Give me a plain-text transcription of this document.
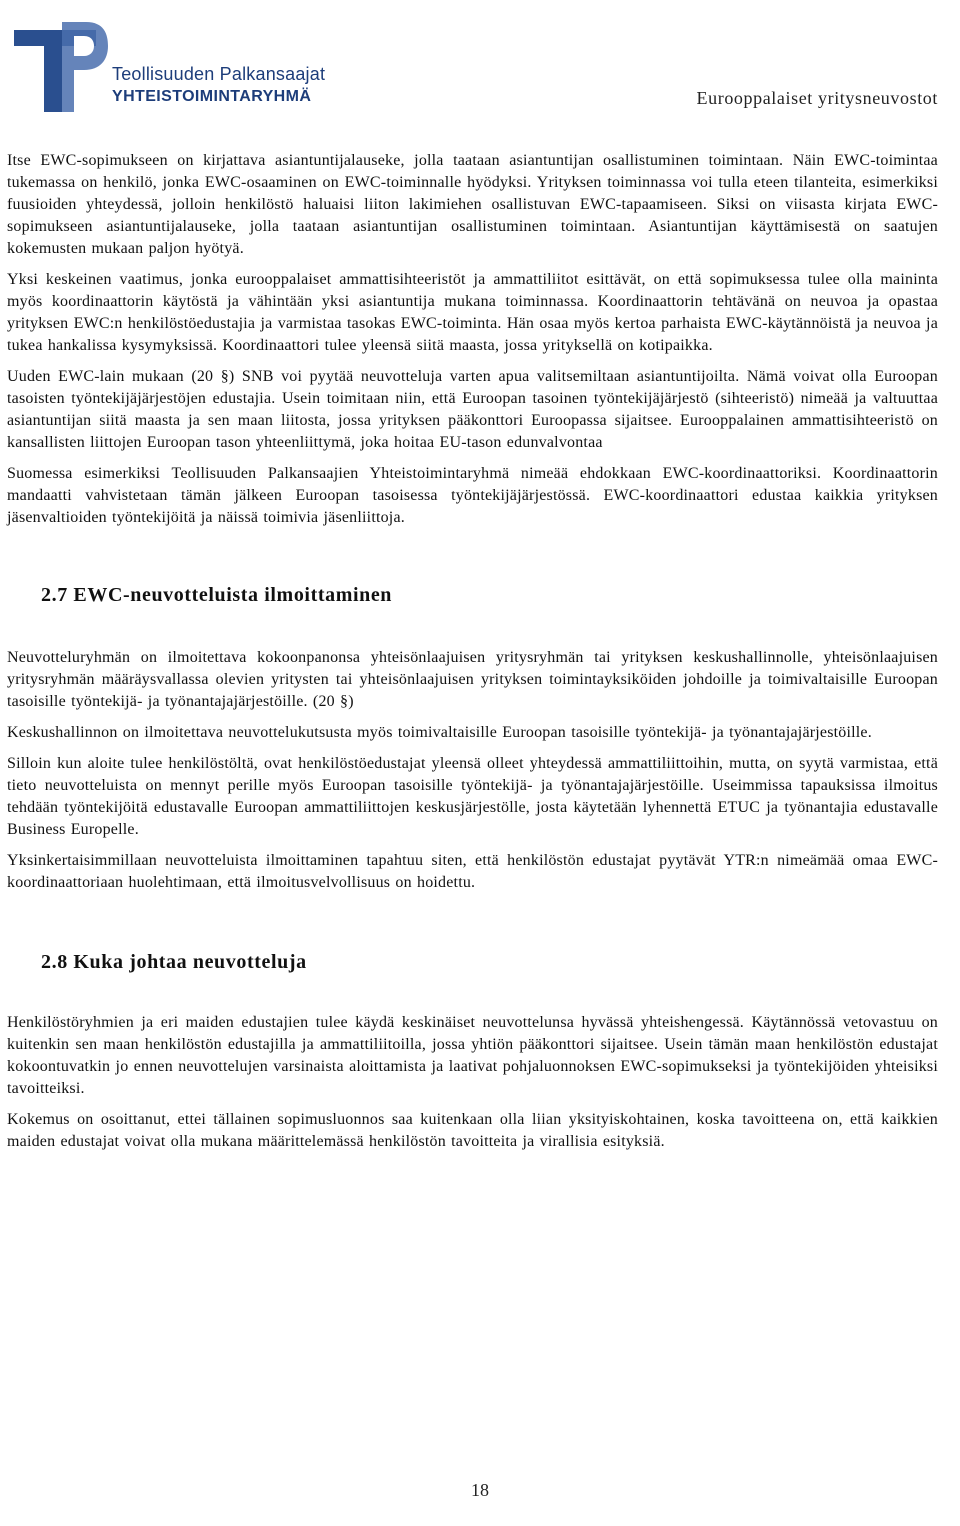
Teollisuuden Palkansaajat
YHTEISTOIMINTARYHMÄ	Eurooppalaiset yritysneuvostot

Itse EWC-sopimukseen on kirjattava asiantuntijalauseke, jolla taataan asiantuntijan osallistuminen toimintaan. Näin EWC-toimintaa tukemassa on henkilö, jonka EWC-osaaminen on EWC-toiminnalle hyödyksi. Yrityksen toiminnassa voi tulla eteen tilanteita, esimerkiksi fuusioiden yhteydessä, jolloin henkilöstö haluaisi liiton lakimiehen osallistuvan EWC-tapaamiseen. Siksi on viisasta kirjata EWC-sopimukseen asiantuntijalauseke, jolla taataan asiantuntijan osallistuminen toimintaan. Asiantuntijan käyttämisestä on saatujen kokemusten mukaan paljon hyötyä.

Yksi keskeinen vaatimus, jonka eurooppalaiset ammattisihteeristöt ja ammattiliitot esittävät, on että sopimuksessa tulee olla maininta myös koordinaattorin käytöstä ja vähintään yksi asiantuntija mukana toiminnassa. Koordinaattorin tehtävänä on neuvoa ja opastaa yrityksen EWC:n henkilöstöedustajia ja varmistaa tasokas EWC-toiminta. Hän osaa myös kertoa parhaista EWC-käytännöistä ja neuvoa ja tukea hankalissa kysymyksissä. Koordinaattori tulee yleensä siitä maasta, jossa yrityksellä on kotipaikka.

Uuden EWC-lain mukaan (20 §) SNB voi pyytää neuvotteluja varten apua valitsemiltaan asiantuntijoilta. Nämä voivat olla Euroopan tasoisten työntekijäjärjestöjen edustajia. Usein toimitaan niin, että Euroopan tasoinen työntekijäjärjestö (sihteeristö) nimeää ja valtuuttaa asiantuntijan siitä maasta ja sen maan liitosta, jossa yrityksen pääkonttori Euroopassa sijaitsee. Eurooppalainen ammattisihteeristö on kansallisten liittojen Euroopan tason yhteenliittymä, joka hoitaa EU-tason edunvalvontaa

Suomessa esimerkiksi Teollisuuden Palkansaajien Yhteistoimintaryhmä nimeää ehdokkaan EWC-koordinaattoriksi. Koordinaattorin mandaatti vahvistetaan tämän jälkeen Euroopan tasoisessa työntekijäjärjestössä. EWC-koordinaattori edustaa kaikkia yrityksen jäsenvaltioiden työntekijöitä ja näissä toimivia jäsenliittoja.

2.7 EWC-neuvotteluista ilmoittaminen

Neuvotteluryhmän on ilmoitettava kokoonpanonsa yhteisönlaajuisen yritysryhmän tai yrityksen keskushallinnolle, yhteisönlaajuisen yritysryhmän määräysvallassa olevien yritysten tai yhteisönlaajuisen yrityksen toimintayksiköiden johdoille ja toimivaltaisille Euroopan tasoisille työntekijä- ja työnantajajärjestöille. (20 §)

Keskushallinnon on ilmoitettava neuvottelukutsusta myös toimivaltaisille Euroopan tasoisille työntekijä- ja työnantajajärjestöille.

Silloin kun aloite tulee henkilöstöltä, ovat henkilöstöedustajat yleensä olleet yhteydessä ammattiliittoihin, mutta, on syytä varmistaa, että tieto neuvotteluista on mennyt perille myös Euroopan tasoisille työntekijä- ja työnantajajärjestöille. Useimmissa tapauksissa ilmoitus tehdään työntekijöitä edustavalle Euroopan ammattiliittojen keskusjärjestölle, josta käytetään lyhennettä ETUC ja työnantajia edustavalle Business Europelle.

Yksinkertaisimmillaan neuvotteluista ilmoittaminen tapahtuu siten, että henkilöstön edustajat pyytävät YTR:n nimeämää omaa EWC-koordinaattoriaan huolehtimaan, että ilmoitusvelvollisuus on hoidettu.

2.8 Kuka johtaa neuvotteluja

Henkilöstöryhmien ja eri maiden edustajien tulee käydä keskinäiset neuvottelunsa hyvässä yhteishengessä. Käytännössä vetovastuu on kuitenkin sen maan henkilöstön edustajilla ja ammattiliitoilla, jossa yhtiön pääkonttori sijaitsee. Usein tämän maan henkilöstön edustajat kokoontuvatkin jo ennen neuvottelujen varsinaista aloittamista ja laativat pohjaluonnoksen EWC-sopimukseksi ja työntekijöiden yhteisiksi tavoitteiksi.

Kokemus on osoittanut, ettei tällainen sopimusluonnos saa kuitenkaan olla liian yksityiskohtainen, koska tavoitteena on, että kaikkien maiden edustajat voivat olla mukana määrittelemässä henkilöstön tavoitteita ja virallisia esityksiä.

18
